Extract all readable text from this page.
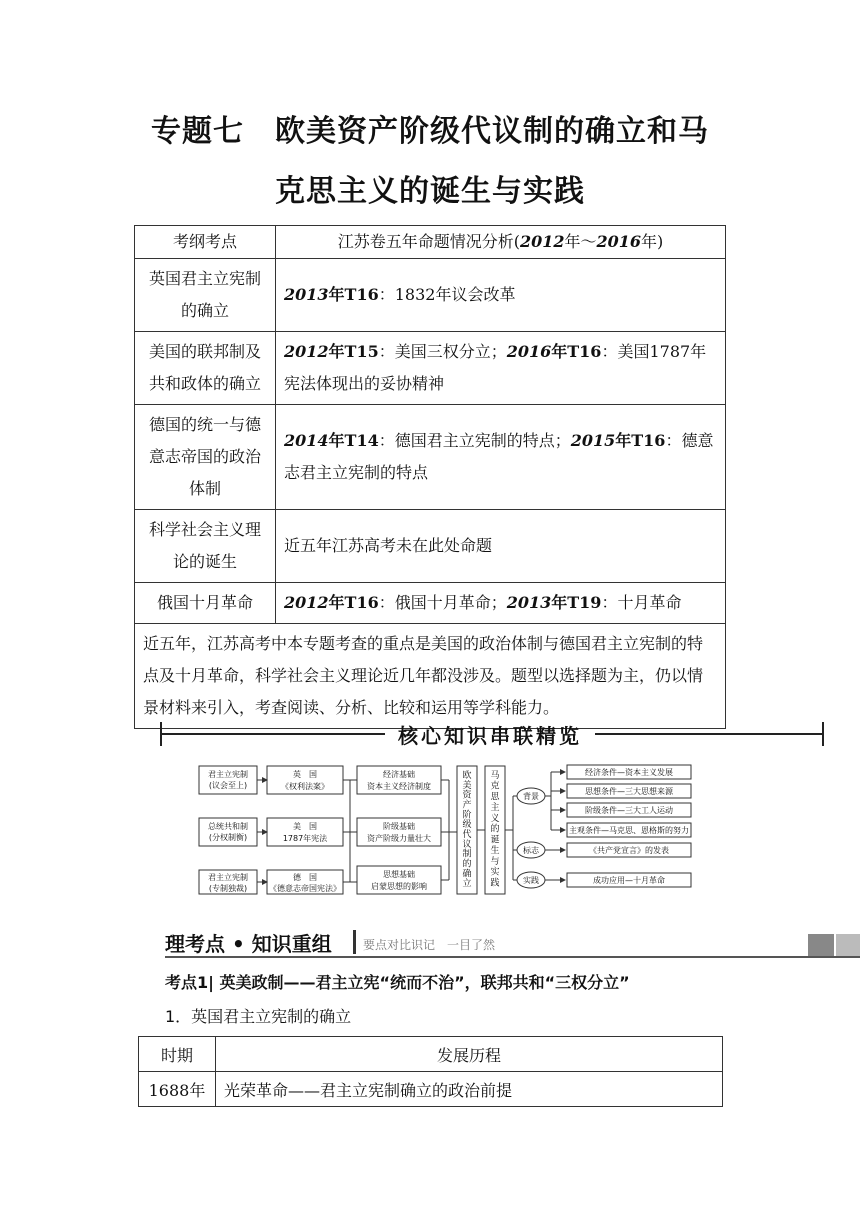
专题七　欧美资产阶级代议制的确立和马
克思主义的诞生与实践
考纲考点	江苏卷五年命题情况分析(2012年～2016年)
英国君主立宪制的确立	2013年T16：1832年议会改革
美国的联邦制及共和政体的确立	2012年T15：美国三权分立；2016年T16：美国1787年宪法体现出的妥协精神
德国的统一与德意志帝国的政治体制	2014年T14：德国君主立宪制的特点；2015年T16：德意志君主立宪制的特点
科学社会主义理论的诞生	近五年江苏高考未在此处命题
俄国十月革命	2012年T16：俄国十月革命；2013年T19：十月革命
近五年，江苏高考中本专题考查的重点是美国的政治体制与德国君主立宪制的特点及十月革命，科学社会主义理论近几年都没涉及。题型以选择题为主，仍以情景材料来引入，考查阅读、分析、比较和运用等学科能力。	
核心知识串联精览
君主立宪制(议会至上)
总统共和制(分权制衡)
君主立宪制(专制独裁)
英　国
《权利法案》
美　国
1787年宪法
德　国
《德意志帝国宪法》
经济基础
资本主义经济制度
阶级基础
资产阶级力量壮大
思想基础
启蒙思想的影响
背景
标志
实践
经济条件—资本主义发展
思想条件—三大思想来源
阶级条件—三大工人运动
主观条件—马克思、恩格斯的努力
《共产党宣言》的发表
成功应用—十月革命
欧美资产阶级代议制的确立
马克思主义的诞生与实践
理考点 • 知识重组	要点对比识记　一目了然
考点1| 英美政制——君主立宪“统而不治”，联邦共和“三权分立”
1．英国君主立宪制的确立
时期	发展历程
1688年	光荣革命——君主立宪制确立的政治前提
